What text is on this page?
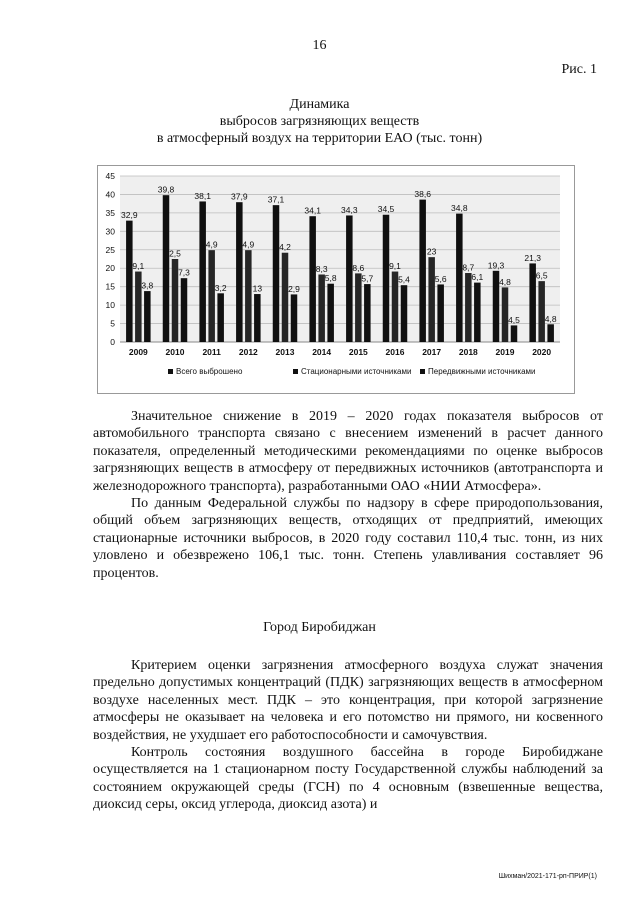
16
Рис. 1
Динамика
выбросов загрязняющих веществ
в атмосферный воздух на территории ЕАО (тыс. тонн)
0
5
10
15
20
25
30
35
40
45
32,9
9,1
3,8
2009
39,8
2,5
7,3
2010
38,1
4,9
3,2
2011
37,9
4,9
13
2012
37,1
4,2
2,9
2013
34,1
8,3
5,8
2014
34,3
8,6
5,7
2015
34,5
9,1
5,4
2016
38,6
23
5,6
2017
34,8
8,7
6,1
2018
19,3
4,8
4,5
2019
21,3
6,5
4,8
2020
Всего выброшено	Стационарными источниками Передвижными источниками

Значительное снижение в 2019 – 2020 годах показателя выбросов от автомобильного транспорта связано с внесением изменений в расчет данного показателя, определенный методическими рекомендациями по оценке выбросов загрязняющих веществ в атмосферу от передвижных источников (автотранспорта и железнодорожного транспорта), разработанными ОАО «НИИ Атмосфера».

По данным Федеральной службы по надзору в сфере природопользования, общий объем загрязняющих веществ, отходящих от предприятий, имеющих стационарные источники выбросов, в 2020 году составил 110,4 тыс. тонн, из них уловлено и обезврежено 106,1 тыс. тонн. Степень улавливания составляет 96 процентов.

Город Биробиджан

Критерием оценки загрязнения атмосферного воздуха служат значения предельно допустимых концентраций (ПДК) загрязняющих веществ в атмосферном воздухе населенных мест. ПДК – это концентрация, при которой загрязнение атмосферы не оказывает на человека и его потомство ни прямого, ни косвенного воздействия, не ухудшает его работоспособности и самочувствия.

Контроль состояния воздушного бассейна в городе Биробиджане осуществляется на 1 стационарном посту Государственной службы наблюдений за состоянием окружающей среды (ГСН) по 4 основным (взвешенные вещества, диоксид серы, оксид углерода, диоксид азота) и

Шихман/2021-171-рп-ПРИР(1)
